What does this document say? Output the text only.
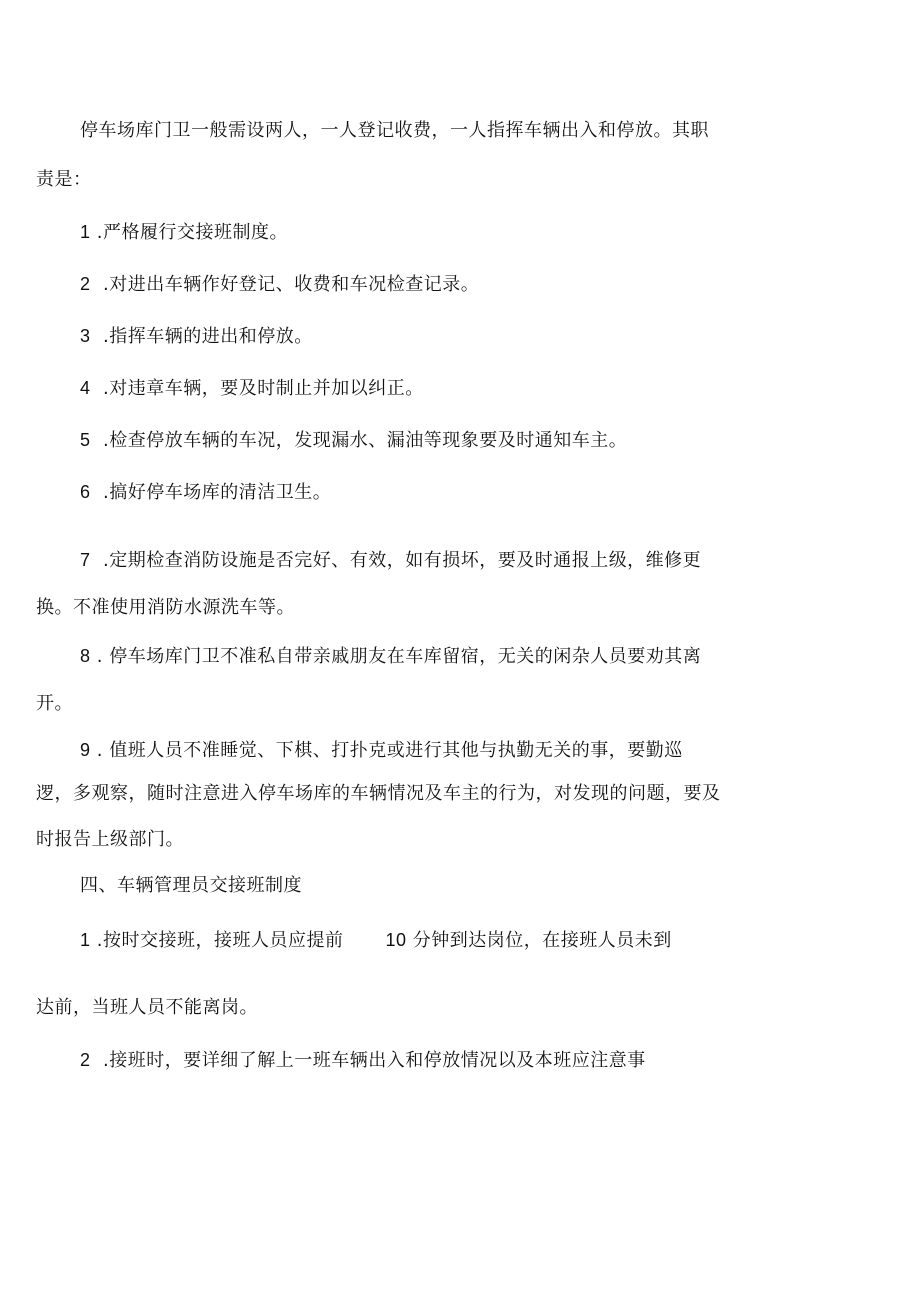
停车场库门卫一般需设两人，一人登记收费，一人指挥车辆出入和停放。其职
责是：
1 .严格履行交接班制度。
2 .对进出车辆作好登记、收费和车况检查记录。
3 .指挥车辆的进出和停放。
4 .对违章车辆，要及时制止并加以纠正。
5 .检查停放车辆的车况，发现漏水、漏油等现象要及时通知车主。
6 .搞好停车场库的清洁卫生。
7 .定期检查消防设施是否完好、有效，如有损坏，要及时通报上级，维修更
换。不准使用消防水源洗车等。
8 . 停车场库门卫不准私自带亲戚朋友在车库留宿，无关的闲杂人员要劝其离
开。
9 . 值班人员不准睡觉、下棋、打扑克或进行其他与执勤无关的事，要勤巡
逻，多观察，随时注意进入停车场库的车辆情况及车主的行为，对发现的问题，要及
时报告上级部门。
四、车辆管理员交接班制度
1 .按时交接班，接班人员应提前 10 分钟到达岗位，在接班人员未到
达前，当班人员不能离岗。
2 .接班时，要详细了解上一班车辆出入和停放情况以及本班应注意事
